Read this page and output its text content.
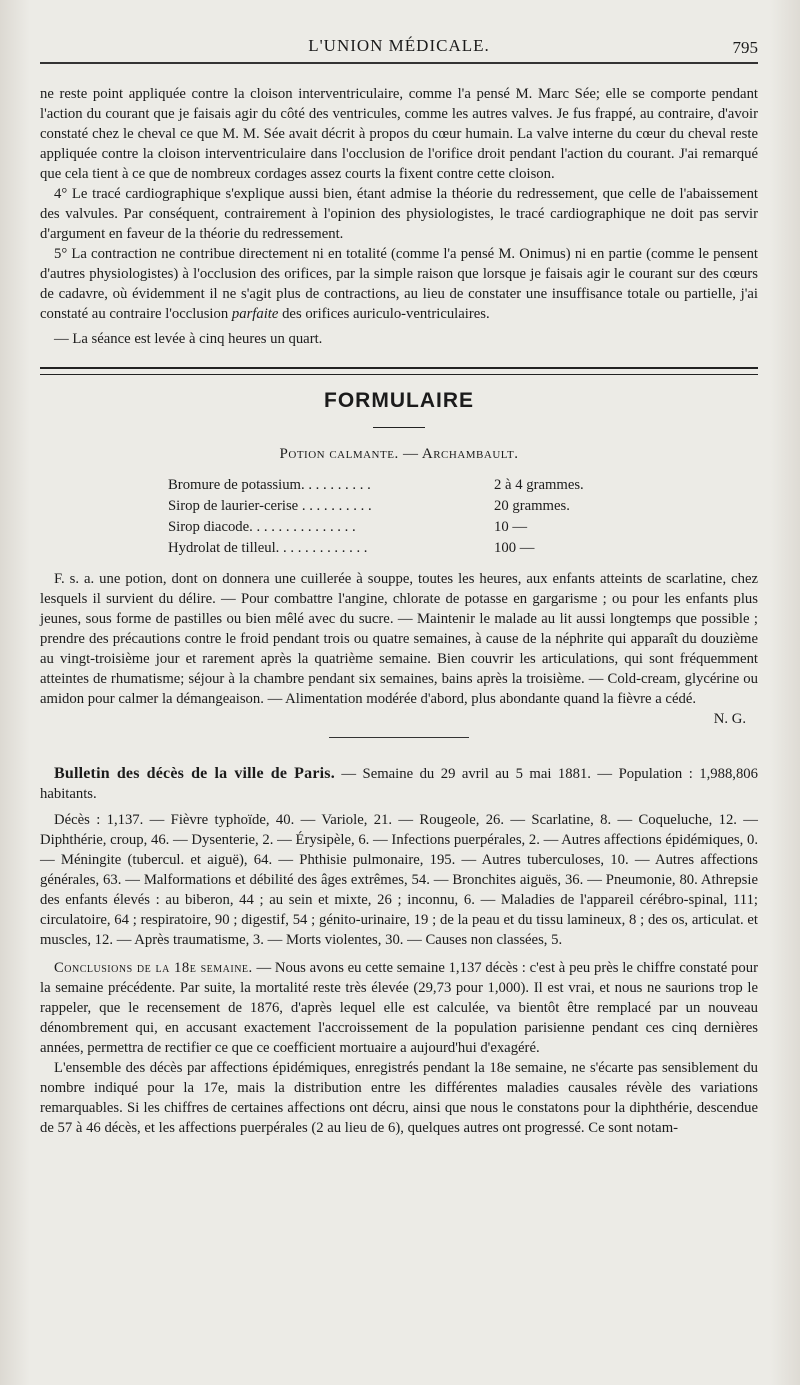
L'UNION MÉDICALE.	795

ne reste point appliquée contre la cloison interventriculaire, comme l'a pensé M. Marc Sée; elle se comporte pendant l'action du courant que je faisais agir du côté des ventricules, comme les autres valves. Je fus frappé, au contraire, d'avoir constaté chez le cheval ce que M. M. Sée avait décrit à propos du cœur humain. La valve interne du cœur du cheval reste appliquée contre la cloison interventriculaire dans l'occlusion de l'orifice droit pendant l'action du courant. J'ai remarqué que cela tient à ce que de nombreux cordages assez courts la fixent contre cette cloison.

4° Le tracé cardiographique s'explique aussi bien, étant admise la théorie du redressement, que celle de l'abaissement des valvules. Par conséquent, contrairement à l'opinion des physiologistes, le tracé cardiographique ne doit pas servir d'argument en faveur de la théorie du redressement.

5° La contraction ne contribue directement ni en totalité (comme l'a pensé M. Onimus) ni en partie (comme le pensent d'autres physiologistes) à l'occlusion des orifices, par la simple raison que lorsque je faisais agir le courant sur des cœurs de cadavre, où évidemment il ne s'agit plus de contractions, au lieu de constater une insuffisance totale ou partielle, j'ai constaté au contraire l'occlusion parfaite des orifices auriculo-ventriculaires.

— La séance est levée à cinq heures un quart.

FORMULAIRE
Potion calmante. — Archambault.
Bromure de potassium. . . . . . . . . .	2 à 4 grammes.
Sirop de laurier-cerise . . . . . . . . . .	20 grammes.
Sirop diacode. . . . . . . . . . . . . . .	10 —
Hydrolat de tilleul. . . . . . . . . . . . .	100 —

F. s. a. une potion, dont on donnera une cuillerée à souppe, toutes les heures, aux enfants atteints de scarlatine, chez lesquels il survient du délire. — Pour combattre l'angine, chlorate de potasse en gargarisme ; ou pour les enfants plus jeunes, sous forme de pastilles ou bien mêlé avec du sucre. — Maintenir le malade au lit aussi longtemps que possible ; prendre des précautions contre le froid pendant trois ou quatre semaines, à cause de la néphrite qui apparaît du douzième au vingt-troisième jour et rarement après la quatrième semaine. Bien couvrir les articulations, qui sont fréquemment atteintes de rhumatisme; séjour à la chambre pendant six semaines, bains après la troisième. — Cold-cream, glycérine ou amidon pour calmer la démangeaison. — Alimentation modérée d'abord, plus abondante quand la fièvre a cédé.

N. G.

Bulletin des décès de la ville de Paris. — Semaine du 29 avril au 5 mai 1881. — Population : 1,988,806 habitants.

Décès : 1,137. — Fièvre typhoïde, 40. — Variole, 21. — Rougeole, 26. — Scarlatine, 8. — Coqueluche, 12. — Diphthérie, croup, 46. — Dysenterie, 2. — Érysipèle, 6. — Infections puerpérales, 2. — Autres affections épidémiques, 0. — Méningite (tubercul. et aiguë), 64. — Phthisie pulmonaire, 195. — Autres tuberculoses, 10. — Autres affections générales, 63. — Malformations et débilité des âges extrêmes, 54. — Bronchites aiguës, 36. — Pneumonie, 80. Athrepsie des enfants élevés : au biberon, 44 ; au sein et mixte, 26 ; inconnu, 6. — Maladies de l'appareil cérébro-spinal, 111; circulatoire, 64 ; respiratoire, 90 ; digestif, 54 ; génito-urinaire, 19 ; de la peau et du tissu lamineux, 8 ; des os, articulat. et muscles, 12. — Après traumatisme, 3. — Morts violentes, 30. — Causes non classées, 5.

Conclusions de la 18e semaine. — Nous avons eu cette semaine 1,137 décès : c'est à peu près le chiffre constaté pour la semaine précédente. Par suite, la mortalité reste très élevée (29,73 pour 1,000). Il est vrai, et nous ne saurions trop le rappeler, que le recensement de 1876, d'après lequel elle est calculée, va bientôt être remplacé par un nouveau dénombrement qui, en accusant exactement l'accroissement de la population parisienne pendant ces cinq dernières années, permettra de rectifier ce que ce coefficient mortuaire a aujourd'hui d'exagéré.

L'ensemble des décès par affections épidémiques, enregistrés pendant la 18e semaine, ne s'écarte pas sensiblement du nombre indiqué pour la 17e, mais la distribution entre les différentes maladies causales révèle des variations remarquables. Si les chiffres de certaines affections ont décru, ainsi que nous le constatons pour la diphthérie, descendue de 57 à 46 décès, et les affections puerpérales (2 au lieu de 6), quelques autres ont progressé. Ce sont notam-
